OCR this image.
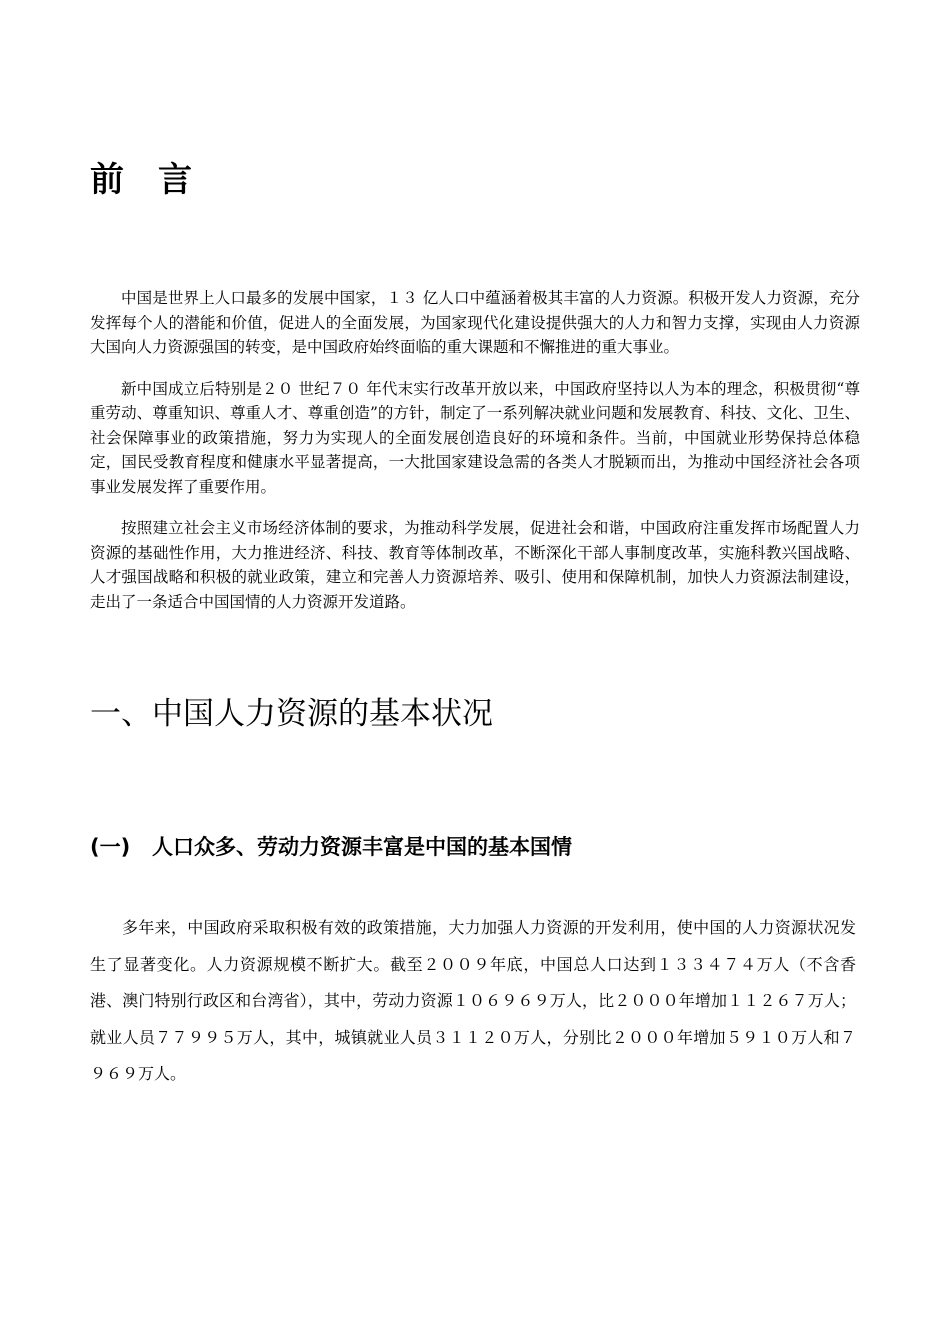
前言

中国是世界上人口最多的发展中国家，１３ 亿人口中蕴涵着极其丰富的人力资源。积极开发人力资源，充分发挥每个人的潜能和价值，促进人的全面发展，为国家现代化建设提供强大的人力和智力支撑，实现由人力资源大国向人力资源强国的转变，是中国政府始终面临的重大课题和不懈推进的重大事业。

新中国成立后特别是２０ 世纪７０ 年代末实行改革开放以来，中国政府坚持以人为本的理念，积极贯彻“尊重劳动、尊重知识、尊重人才、尊重创造”的方针，制定了一系列解决就业问题和发展教育、科技、文化、卫生、社会保障事业的政策措施，努力为实现人的全面发展创造良好的环境和条件。当前，中国就业形势保持总体稳定，国民受教育程度和健康水平显著提高，一大批国家建设急需的各类人才脱颖而出，为推动中国经济社会各项事业发展发挥了重要作用。

按照建立社会主义市场经济体制的要求，为推动科学发展，促进社会和谐，中国政府注重发挥市场配置人力资源的基础性作用，大力推进经济、科技、教育等体制改革，不断深化干部人事制度改革，实施科教兴国战略、人才强国战略和积极的就业政策，建立和完善人力资源培养、吸引、使用和保障机制，加快人力资源法制建设，走出了一条适合中国国情的人力资源开发道路。

一、中国人力资源的基本状况
(一) 人口众多、劳动力资源丰富是中国的基本国情

多年来，中国政府采取积极有效的政策措施，大力加强人力资源的开发利用，使中国的人力资源状况发生了显著变化。人力资源规模不断扩大。截至２００９年底，中国总人口达到１３３４７４万人（不含香港、澳门特别行政区和台湾省），其中，劳动力资源１０６９６９万人，比２０００年增加１１２６７万人；就业人员７７９９５万人，其中，城镇就业人员３１１２０万人，分别比２０００年增加５９１０万人和７９６９万人。
